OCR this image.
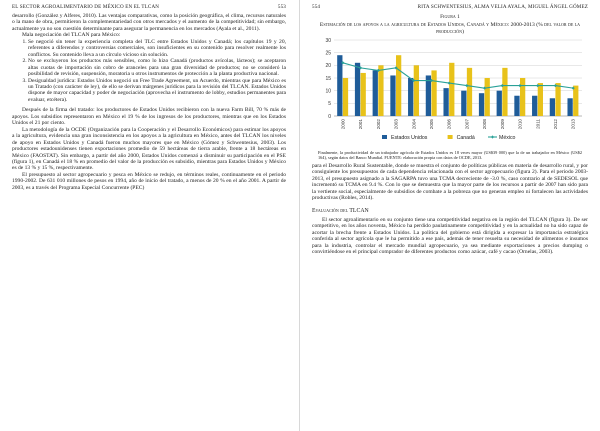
EL SECTOR AGROALIMENTARIO DE MÉXICO EN EL TLCAN	553

desarrollo (González y Alferes, 2010). Las ventajas comparativas, como la posición geográfica, el clima, recursos naturales o la mano de obra, permitieron la complementariedad con otros mercados y el aumento de la competitividad; sin embargo, actualmente ya no son cuestión determinante para asegurar la permanencia en los mercados (Ayala et al., 2011).

Mala negociación del TLCAN para México:

1. Se negoció sin tener la experiencia completa del TLC entre Estados Unidos y Canadá; los capítulos 19 y 20, referentes a diferendos y controversias comerciales, son insuficientes en su contenido para resolver realmente los conflictos. Su contenido lleva a un círculo vicioso sin solución.
2. No se excluyeron los productos más sensibles, como lo hizo Canadá (productos avícolas, lácteos); se aceptaron altas cuotas de importación sin cobro de aranceles para una gran diversidad de productos; no se consideró la posibilidad de revisión, suspensión, moratoria u otros instrumentos de protección a la planta productiva nacional.
3. Desigualdad jurídica: Estados Unidos negoció un Free Trade Agreement, un Acuerdo, mientras que para México es un Tratado (con carácter de ley), de ello se derivan márgenes jurídicos para la revisión del TLCAN. Estados Unidos dispone de mayor capacidad y poder de negociación (aprovecha el instrumento de lobby, estudios permanentes para evaluar, etcétera).

Después de la firma del tratado: los productores de Estados Unidos recibieron con la nueva Farm Bill, 70 % más de apoyos. Los subsidios representaron en México el 19 % de los ingresos de los productores, mientras que en los Estados Unidos el 21 por ciento.

La metodología de la OCDE (Organización para la Cooperación y el Desarrollo Económicos) para estimar los apoyos a la agricultura, evidencia una gran inconsistencia en los apoyos a la agricultura en México, antes del TLCAN los niveles de apoyo en Estados Unidos y Canadá fueron muchos mayores que en México (Gómez y Schwentesius, 2003). Los productores estadounidenses tienen exportaciones promedio de 59 hectáreas de tierra arable, frente a 18 hectáreas en México (FAOSTAT). Sin embargo, a partir del año 2000, Estados Unidos comenzó a disminuir su participación en el PSE (figura 1), en Canadá el 18 % en promedio del valor de la producción es subsidio, mientras para Estados Unidos y México es de 13 % y 15 %, respectivamente.

El presupuesto al sector agropecuario y pesca en México se redujo, en términos reales, continuamente en el periodo 1990-2002. De 631 010 millones de pesos en 1994, año de inicio del tratado, a menos de 20 % en el año 2001. A partir de 2003, es a través del Programa Especial Concurrente (PEC)

554	RITA SCHWENTESIUS, ALMA VELIA AYALA, MIGUEL ÁNGEL GÓMEZ
Figura 1
Estimación de los apoyos a la agricultura de Estados Unidos, Canadá y México: 2000-2013 (% del valor de la producción)
0
5
10
15
20
25
30
2000	2001	2002	2003	2004	2005	2006	2007	2008	2009	2010	2011	2012	2013
Estados Unidos	Canadá	México
Finalmente, la productividad de un trabajador agrícola de Estados Unidos es 18 veces mayor (US$39 000) que la de un trabajador en México (US$2 164), según datos del Banco Mundial. FUENTE: elaboración propia con datos de OCDE, 2013.

para el Desarrollo Rural Sustentable, donde se muestra el conjunto de políticas públicas en materia de desarrollo rural, y por consiguiente los presupuestos de cada dependencia relacionada con el sector agropecuario (figura 2). Para el periodo 2003-2013, el presupuesto asignado a la SAGARPA tuvo una TCMA decreciente de -3.0 %, caso contrario al de SEDESOL que incrementó su TCMA en 9.4 %. Con lo que se demuestra que la mayor parte de los recursos a partir de 2007 han sido para la vertiente social, especialmente de subsidios de combate a la pobreza que no generan empleo ni fortalecen las actividades productivas (Robles, 2014).

Evaluación del TLCAN

El sector agroalimentario en su conjunto tiene una competitividad negativa en la región del TLCAN (figura 3). De ser competitivo, en los años noventa, México ha perdido paulatinamente competitividad y en la actualidad no ha sido capaz de acortar la brecha frente a Estados Unidos. La política del gobierno está dirigida a expresar la importancia estratégica conferida al sector agrícola que le ha permitido a ese país, además de tener resuelta su necesidad de alimentos e insumos para la industria, controlar el mercado mundial agropecuario, ya sea mediante exportaciones a precios dumping o convirtiéndose en el principal comprador de diferentes productos como azúcar, café y cacao (Ornelas, 2003).
